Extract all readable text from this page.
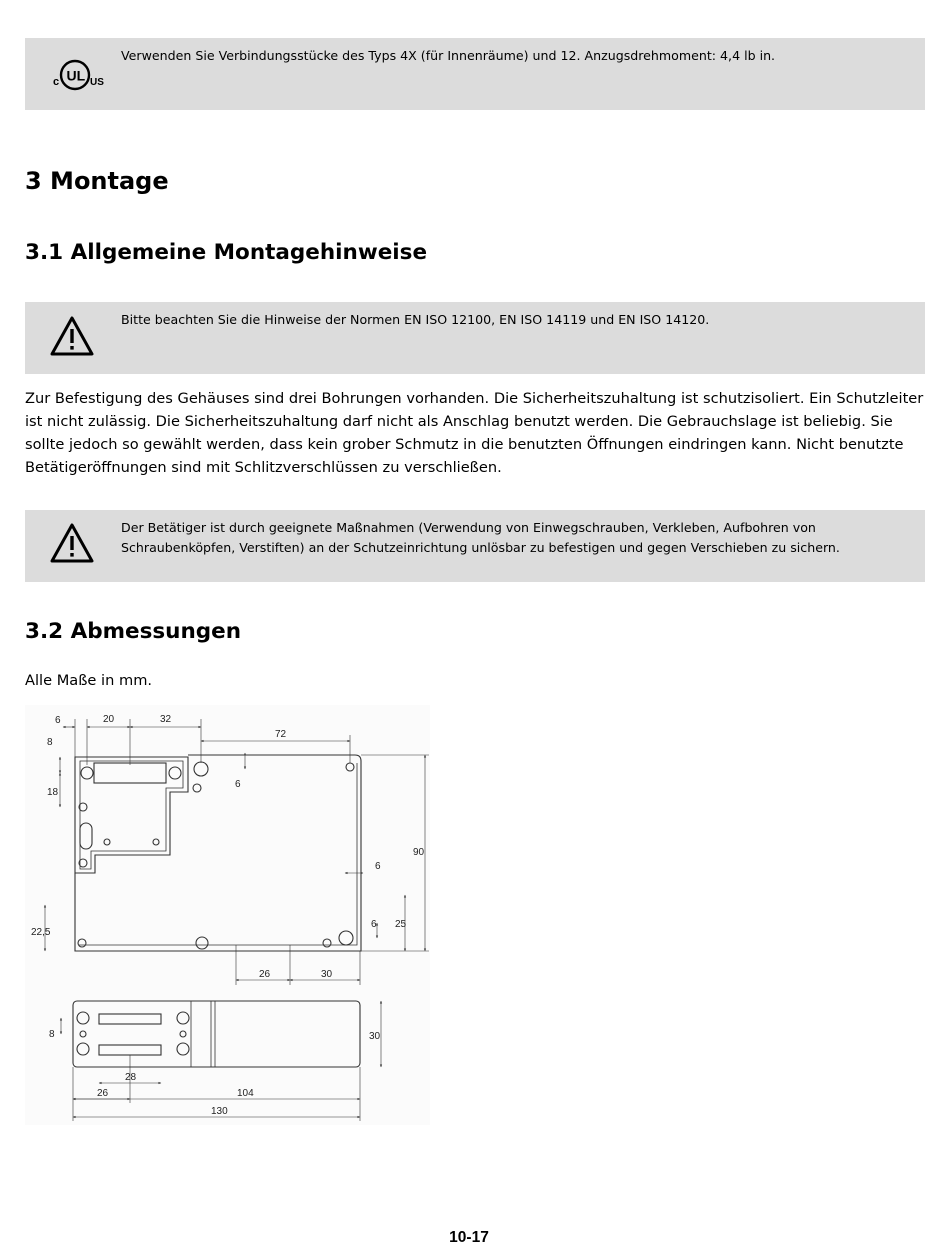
c UL US
Verwenden Sie Verbindungsstücke des Typs 4X (für Innenräume) und 12. Anzugsdrehmoment: 4,4 lb in.
3 Montage
3.1 Allgemeine Montagehinweise
Bitte beachten Sie die Hinweise der Normen EN ISO 12100, EN ISO 14119 und EN ISO 14120.
Zur Befestigung des Gehäuses sind drei Bohrungen vorhanden. Die Sicherheitszuhaltung ist schutzisoliert. Ein Schutzleiter ist nicht zulässig. Die Sicherheitszuhaltung darf nicht als Anschlag benutzt werden. Die Gebrauchslage ist beliebig. Sie sollte jedoch so gewählt werden, dass kein grober Schmutz in die benutzten Öffnungen eindringen kann. Nicht benutzte Betätigeröffnungen sind mit Schlitzverschlüssen zu verschließen.
Der Betätiger ist durch geeignete Maßnahmen (Verwendung von Einwegschrauben, Verkleben, Aufbohren von Schraubenköpfen, Verstiften) an der Schutzeinrichtung unlösbar zu befestigen und gegen Verschieben zu sichern.
3.2 Abmessungen
Alle Maße in mm.
6	20	32
72
8
18
6
90
6
6 25
22,5
26	30
8	30
28
26	104
130
10-17
